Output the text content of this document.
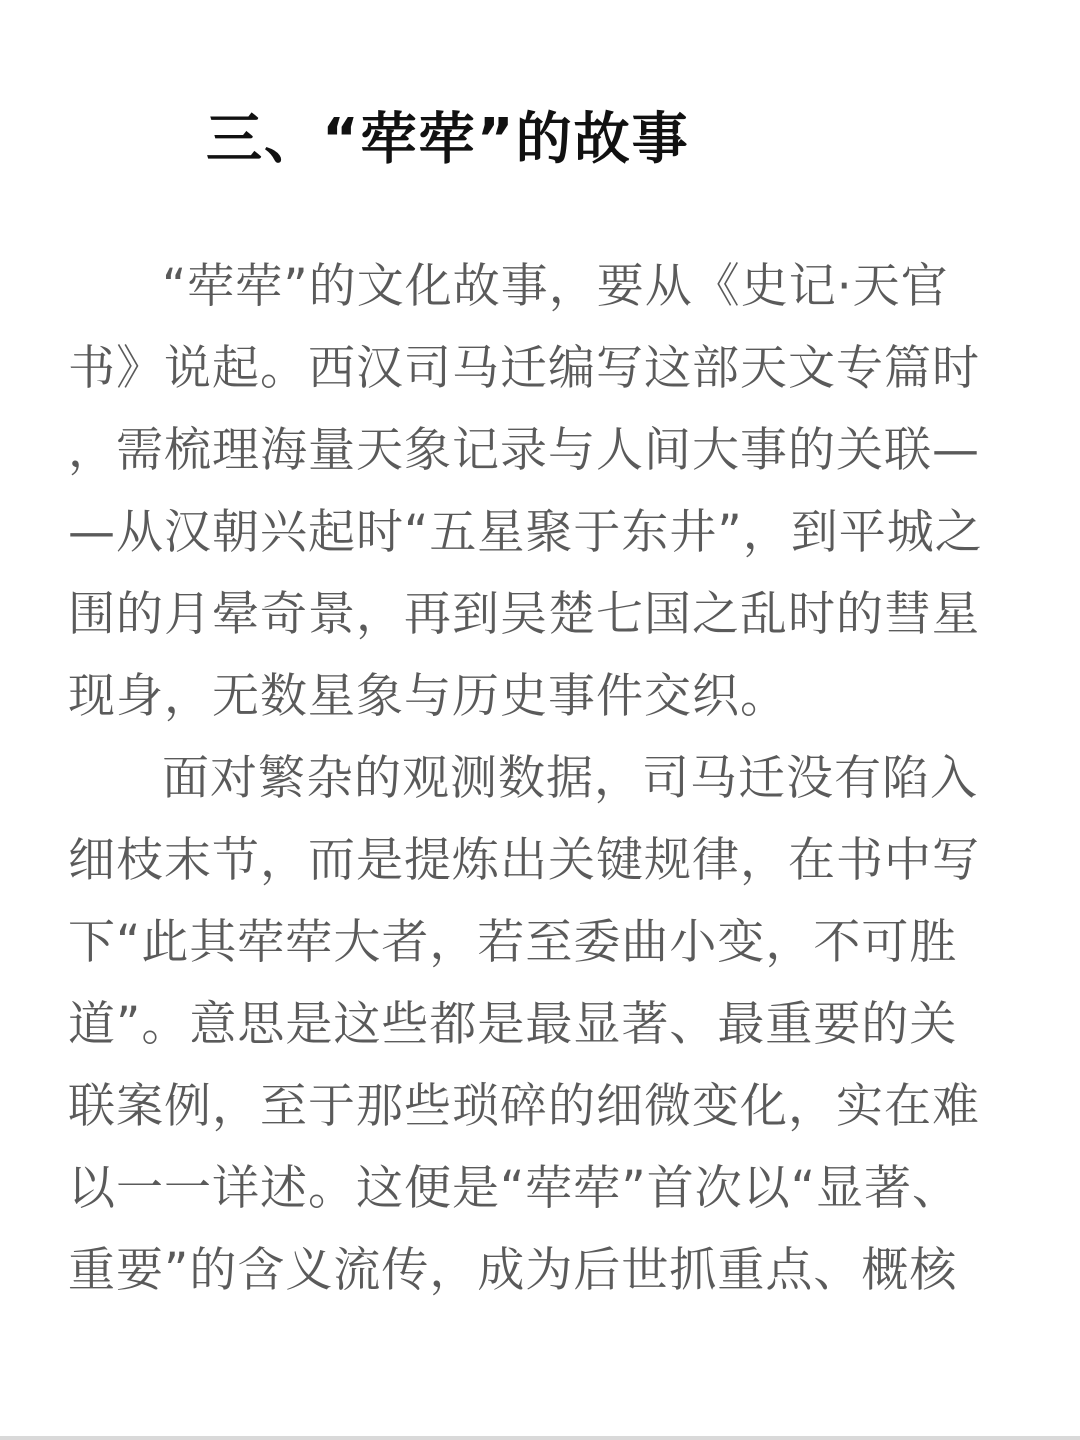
三、“荦荦”的故事

“荦荦”的文化故事，要从《史记·天官书》说起。西汉司马迁编写这部天文专篇时，需梳理海量天象记录与人间大事的关联——从汉朝兴起时“五星聚于东井”，到平城之围的月晕奇景，再到吴楚七国之乱时的彗星现身，无数星象与历史事件交织。

面对繁杂的观测数据，司马迁没有陷入细枝末节，而是提炼出关键规律，在书中写下“此其荦荦大者，若至委曲小变，不可胜道”。意思是这些都是最显著、最重要的关联案例，至于那些琐碎的细微变化，实在难以一一详述。这便是“荦荦”首次以“显著、重要”的含义流传，成为后世抓重点、概核
